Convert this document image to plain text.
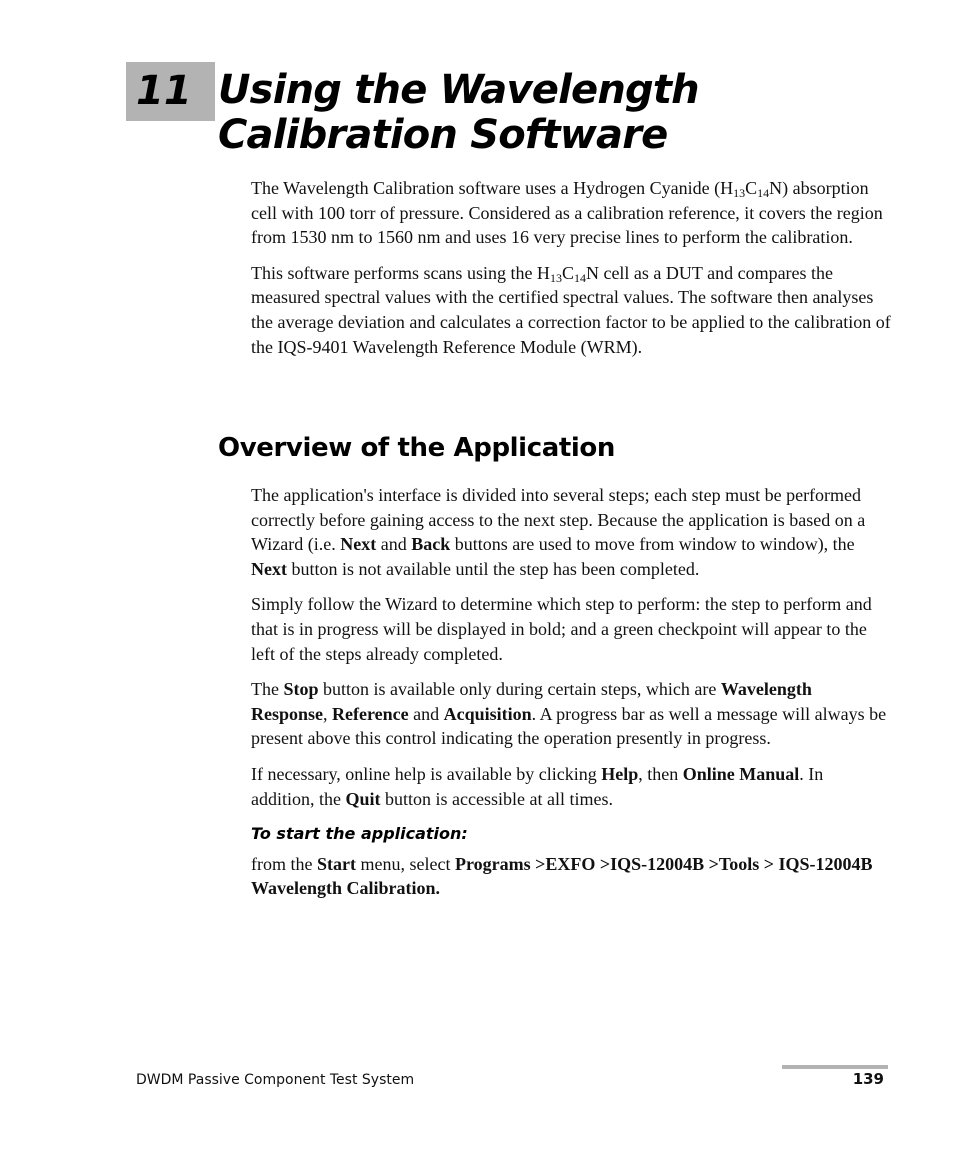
11 Using the Wavelength
Calibration Software

The Wavelength Calibration software uses a Hydrogen Cyanide $(H_{13}C_{14}N)$ absorption cell with 100 torr of pressure. Considered as a calibration reference, it covers the region from 1530 nm to 1560 nm and uses 16 very precise lines to perform the calibration.

This software performs scans using the $H_{13}C_{14}N$ cell as a DUT and compares the measured spectral values with the certified spectral values. The software then analyses the average deviation and calculates a correction factor to be applied to the calibration of the IQS-9401 Wavelength Reference Module (WRM).

Overview of the Application

The application's interface is divided into several steps; each step must be performed correctly before gaining access to the next step. Because the application is based on a Wizard (i.e. Next and Back buttons are used to move from window to window), the Next button is not available until the step has been completed.

Simply follow the Wizard to determine which step to perform: the step to perform and that is in progress will be displayed in bold; and a green checkpoint will appear to the left of the steps already completed.

The Stop button is available only during certain steps, which are Wavelength Response, Reference and Acquisition. A progress bar as well a message will always be present above this control indicating the operation presently in progress.

If necessary, online help is available by clicking Help, then Online Manual. In addition, the Quit button is accessible at all times.

To start the application:

from the Start menu, select Programs >EXFO >IQS-12004B >Tools > IQS-12004B Wavelength Calibration.

DWDM Passive Component Test System	139
